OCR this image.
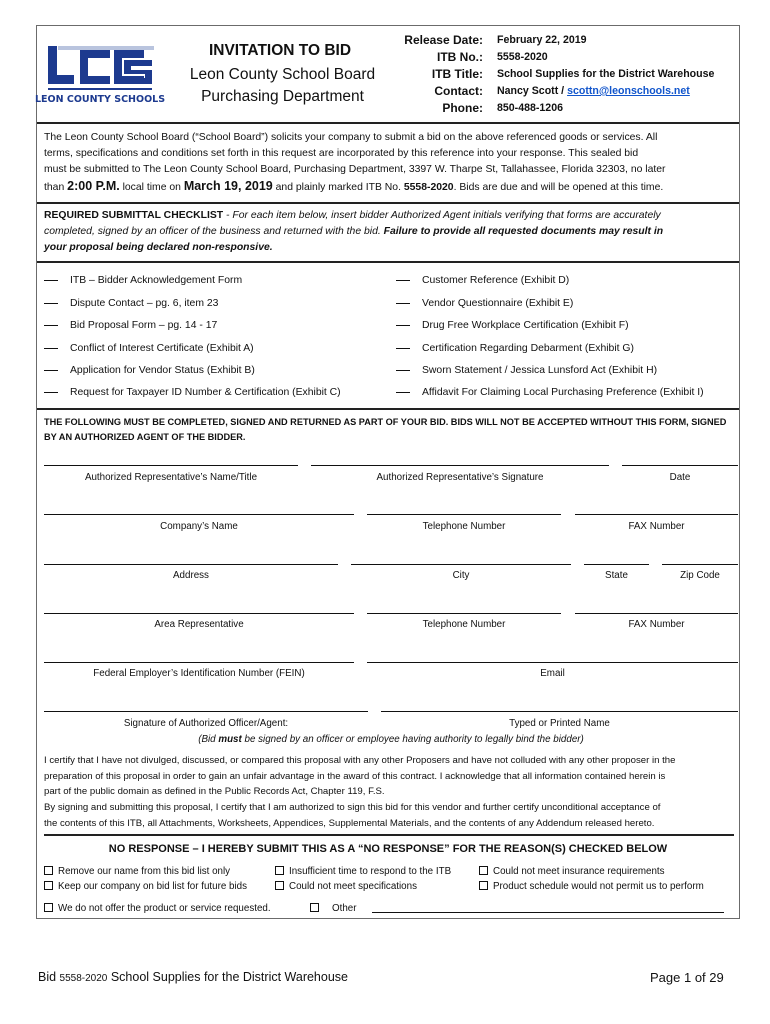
LEON COUNTY SCHOOLS
INVITATION TO BID
Leon County School Board
Purchasing Department
Release Date: February 22, 2019
ITB No.: 5558-2020
ITB Title: School Supplies for the District Warehouse
Contact: Nancy Scott / scottn@leonschools.net
Phone: 850-488-1206
The Leon County School Board (“School Board”) solicits your company to submit a bid on the above referenced goods or services. All
terms, specifications and conditions set forth in this request are incorporated by this reference into your response. This sealed bid
must be submitted to The Leon County School Board, Purchasing Department, 3397 W. Tharpe St, Tallahassee, Florida 32303, no later
than 2:00 P.M. local time on March 19, 2019 and plainly marked ITB No. 5558-2020. Bids are due and will be opened at this time.
REQUIRED SUBMITTAL CHECKLIST - For each item below, insert bidder Authorized Agent initials verifying that forms are accurately
completed, signed by an officer of the business and returned with the bid. Failure to provide all requested documents may result in
your proposal being declared non-responsive.
ITB – Bidder Acknowledgement Form
Dispute Contact – pg. 6, item 23
Bid Proposal Form – pg. 14 - 17
Conflict of Interest Certificate (Exhibit A)
Application for Vendor Status (Exhibit B)
Request for Taxpayer ID Number & Certification (Exhibit C)
Customer Reference (Exhibit D)
Vendor Questionnaire (Exhibit E)
Drug Free Workplace Certification (Exhibit F)
Certification Regarding Debarment (Exhibit G)
Sworn Statement / Jessica Lunsford Act (Exhibit H)
Affidavit For Claiming Local Purchasing Preference (Exhibit I)
THE FOLLOWING MUST BE COMPLETED, SIGNED AND RETURNED AS PART OF YOUR BID. BIDS WILL NOT BE ACCEPTED WITHOUT THIS FORM, SIGNED
BY AN AUTHORIZED AGENT OF THE BIDDER.
Authorized Representative’s Name/Title	Authorized Representative’s Signature	Date
Company’s Name	Telephone Number	FAX Number
Address	City	State	Zip Code
Area Representative	Telephone Number	FAX Number
Federal Employer’s Identification Number (FEIN)	Email
Signature of Authorized Officer/Agent:	Typed or Printed Name
(Bid must be signed by an officer or employee having authority to legally bind the bidder)
I certify that I have not divulged, discussed, or compared this proposal with any other Proposers and have not colluded with any other proposer in the
preparation of this proposal in order to gain an unfair advantage in the award of this contract. I acknowledge that all information contained herein is
part of the public domain as defined in the Public Records Act, Chapter 119, F.S.
By signing and submitting this proposal, I certify that I am authorized to sign this bid for this vendor and further certify unconditional acceptance of
the contents of this ITB, all Attachments, Worksheets, Appendices, Supplemental Materials, and the contents of any Addendum released hereto.
NO RESPONSE – I HEREBY SUBMIT THIS AS A “NO RESPONSE” FOR THE REASON(S) CHECKED BELOW
Remove our name from this bid list only
Keep our company on bid list for future bids
Insufficient time to respond to the ITB
Could not meet specifications
Could not meet insurance requirements
Product schedule would not permit us to perform
We do not offer the product or service requested.	Other
Bid 5558-2020 School Supplies for the District Warehouse	Page 1 of 29
